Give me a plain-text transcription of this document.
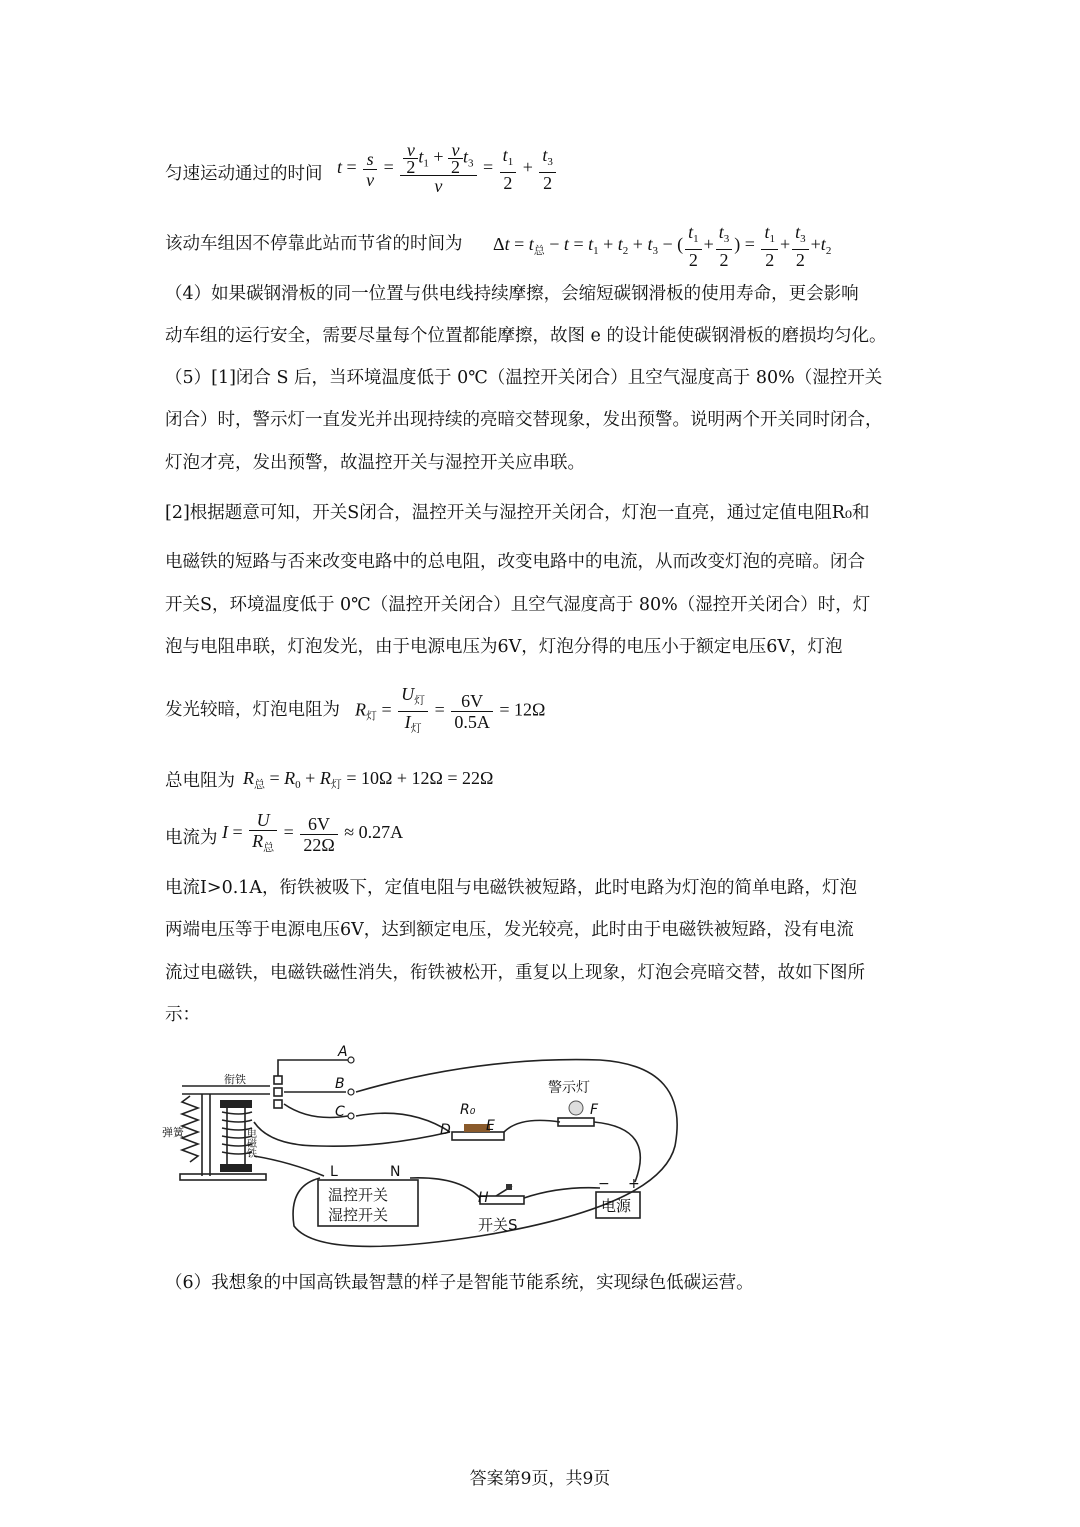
匀速运动通过的时间 $t = \frac{s}{v} = \frac{\frac{v}{2} t_1 + \frac{v}{2} t_3}{v} = \frac{t_1}{2} + \frac{t_3}{2}$
该动车组因不停靠此站而节省的时间为 $\Delta t = t_总 - t = t_1 + t_2 + t_3$ − ( $\frac{t_1}{2} + \frac{t_3}{2}$ ) = $\frac{t_1}{2} + \frac{t_3}{2} +t_2$
（4）如果碳钢滑板的同一位置与供电线持续摩擦，会缩短碳钢滑板的使用寿命，更会影响
动车组的运行安全，需要尽量每个位置都能摩擦，故图 e 的设计能使碳钢滑板的磨损均匀化。
（5）[1]闭合 S 后，当环境温度低于 0℃（温控开关闭合）且空气湿度高于 80%（湿控开关
闭合）时，警示灯一直发光并出现持续的亮暗交替现象，发出预警。说明两个开关同时闭合，
灯泡才亮，发出预警，故温控开关与湿控开关应串联。
[2]根据题意可知，开关S闭合，温控开关与湿控开关闭合，灯泡一直亮，通过定值电阻R₀和
电磁铁的短路与否来改变电路中的总电阻，改变电路中的电流，从而改变灯泡的亮暗。闭合
开关S，环境温度低于 0℃（温控开关闭合）且空气湿度高于 80%（湿控开关闭合）时，灯
泡与电阻串联，灯泡发光，由于电源电压为6V，灯泡分得的电压小于额定电压6V，灯泡
发光较暗，灯泡电阻为 $R_灯 = \frac{U_灯}{I_灯} = \frac{6V}{0.5A} = 12\Omega$
总电阻为 $R_总 = R_0 + R_灯 = 10\Omega + 12\Omega = 22\Omega$
电流为 $I = \frac{U}{R_总} = \frac{6V}{22\Omega} \approx 0.27A$
电流I>0.1A，衔铁被吸下，定值电阻与电磁铁被短路，此时电路为灯泡的简单电路，灯泡
两端电压等于电源电压6V，达到额定电压，发光较亮，此时由于电磁铁被短路，没有电流
流过电磁铁，电磁铁磁性消失，衔铁被松开，重复以上现象，灯泡会亮暗交替，故如下图所
示：
A
B
C
D	E
F
H
R₀
衔铁
弹簧	电磁铁
警示灯
L	N
温控开关
湿控开关
开关S
电源
− +
（6）我想象的中国高铁最智慧的样子是智能节能系统，实现绿色低碳运营。
答案第9页，共9页
